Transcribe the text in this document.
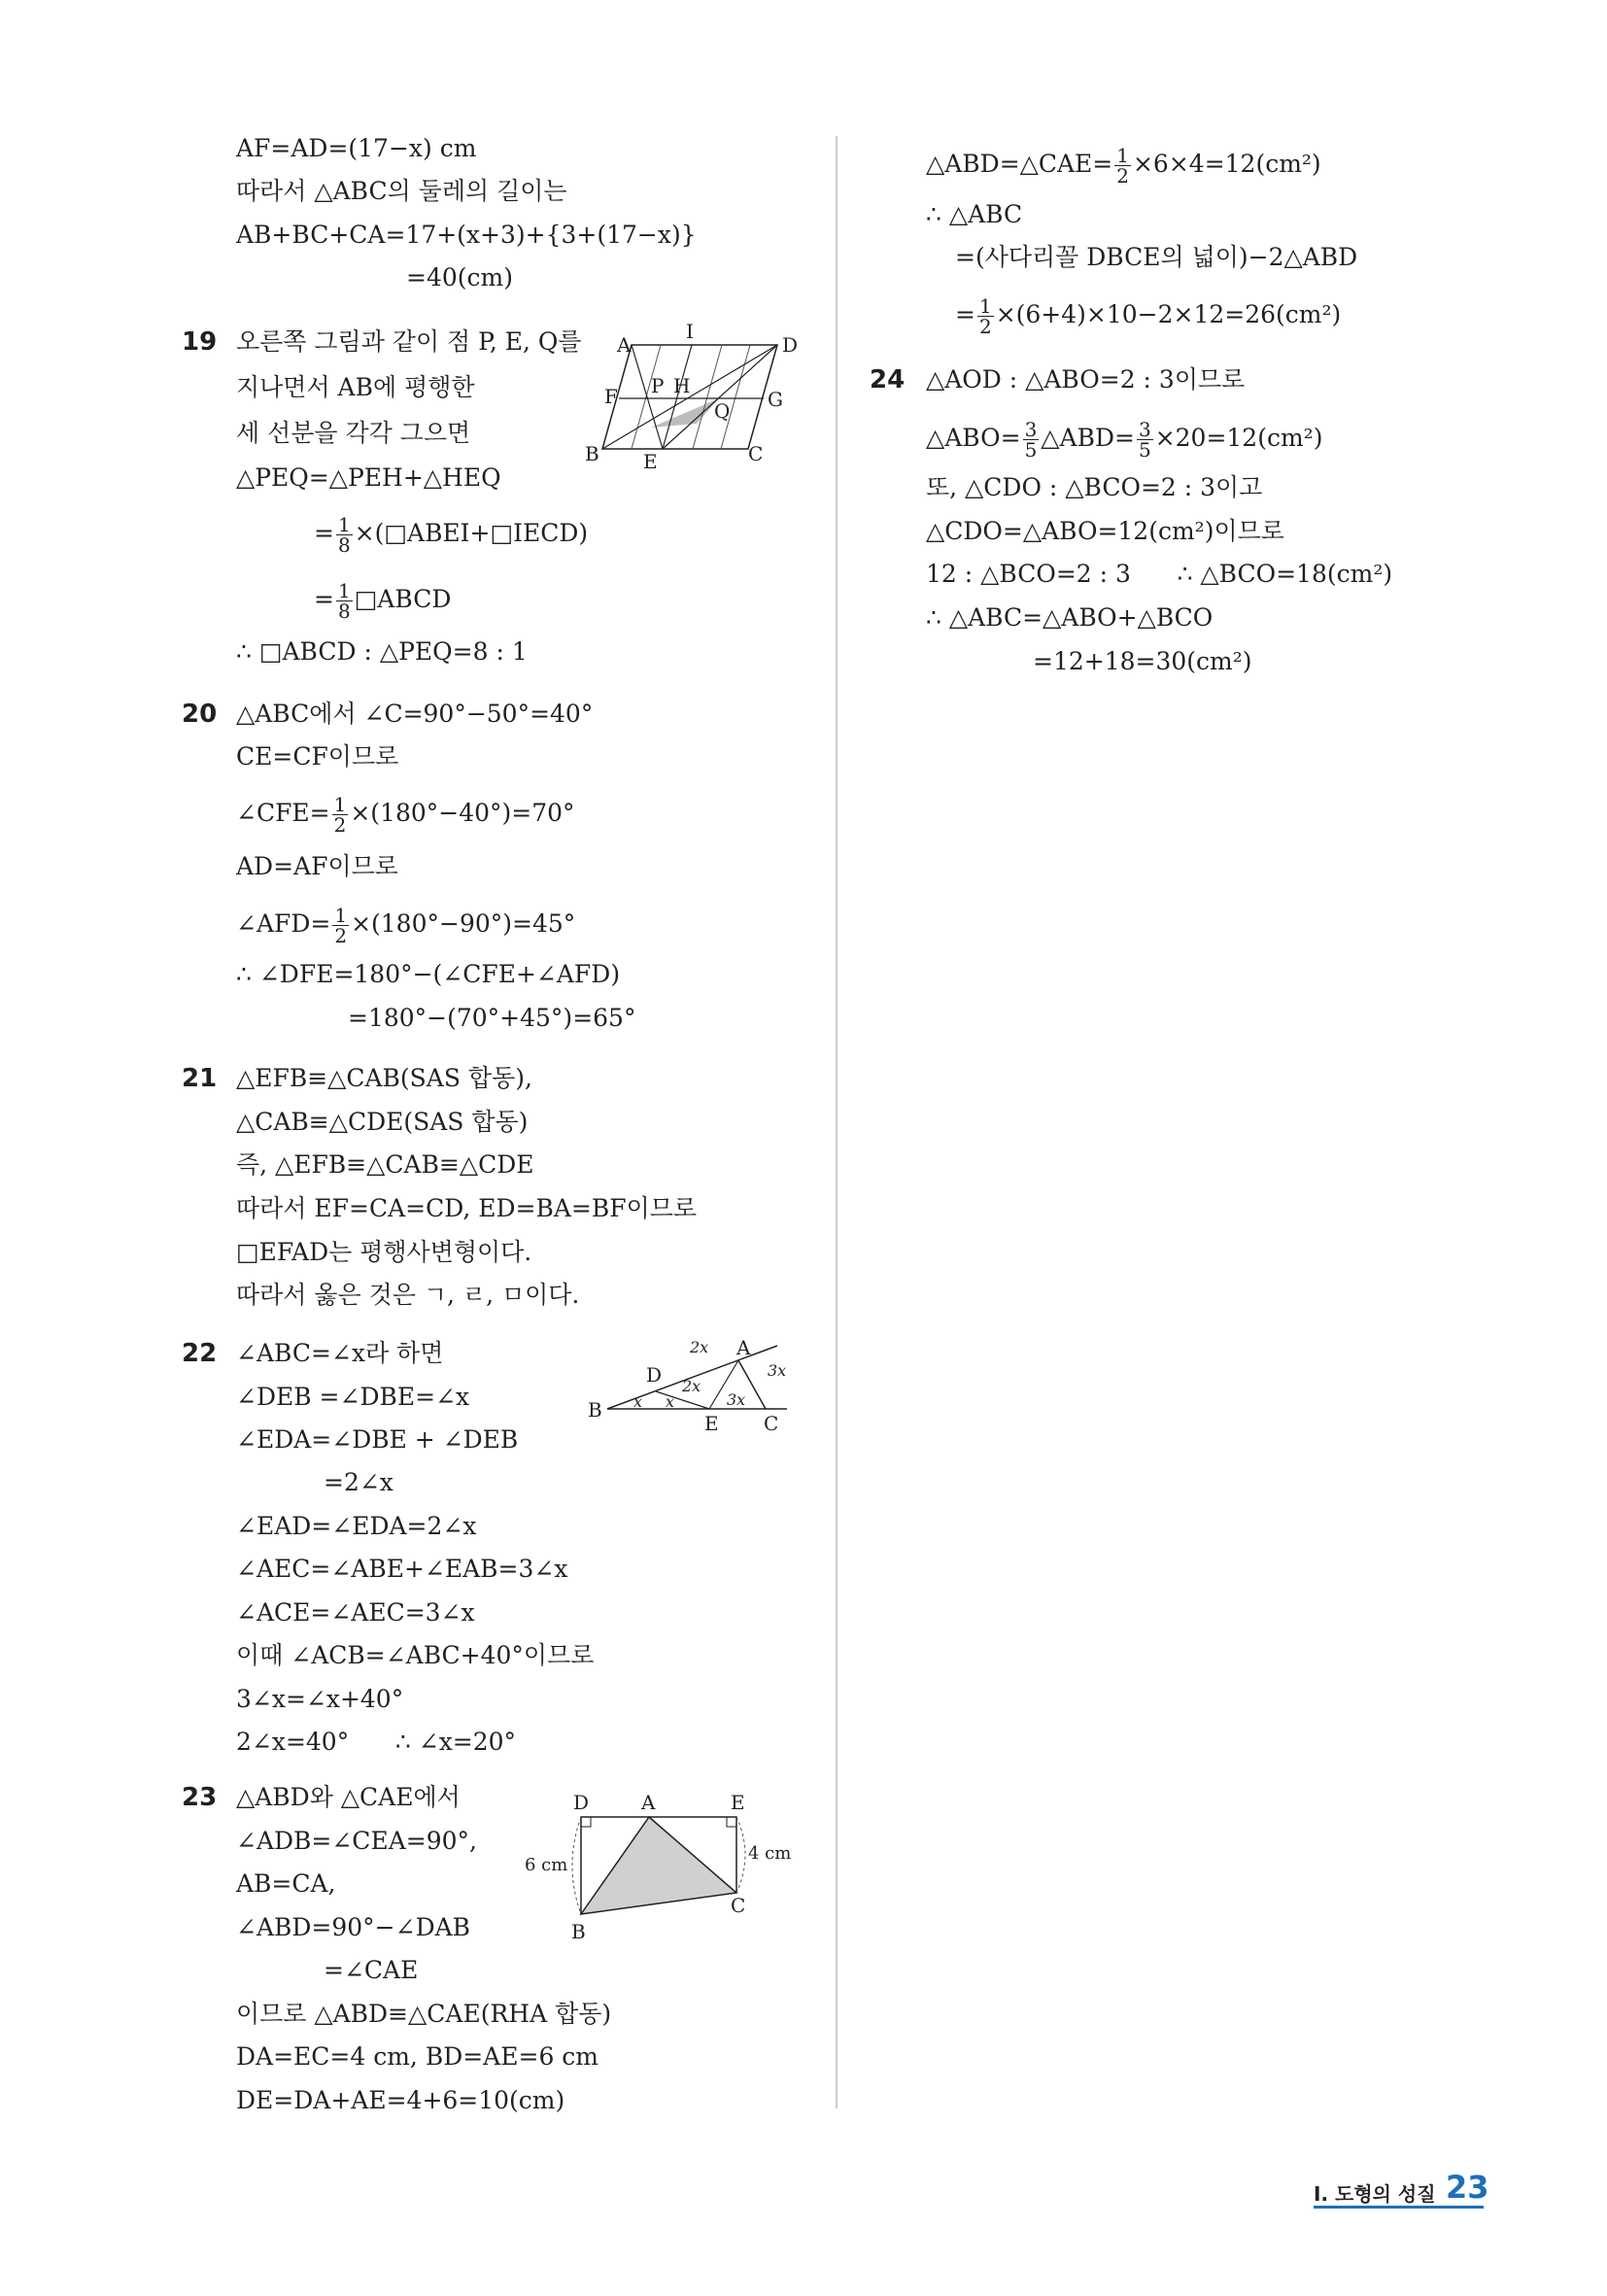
AF=AD=(17−x) cm
따라서 △ABC의 둘레의 길이는
AB+BC+CA=17+(x+3)+{3+(17−x)}
=40(cm)
19 오른쪽 그림과 같이 점 P, E, Q를
지나면서 AB에 평행한
세 선분을 각각 그으면
△PEQ=△PEH+△HEQ
= $\frac{1}{8}$ ×(□ABEI+□IECD)
= $\frac{1}{8}$ □ABCD
∴ □ABCD : △PEQ=8 : 1
A
I
D
F P H
G
Q
B E	C
20 △ABC에서 ∠C=90°−50°=40°
CE=CF이므로
∠CFE= $\frac{1}{2} \times(180^\circ-40^\circ)=70^\circ$
AD=AF이므로
∠AFD= $\frac{1}{2} \times(180^\circ-90^\circ)=45^\circ$
∴ ∠DFE=180°−(∠CFE+∠AFD)
=180°−(70°+45°)=65°
21 △EFB≡△CAB(SAS 합동),
△CAB≡△CDE(SAS 합동)
즉, △EFB≡△CAB≡△CDE
따라서 EF=CA=CD, ED=BA=BF이므로
□EFAD는 평행사변형이다.
따라서 옳은 것은 ㄱ, ㄹ, ㅁ이다.
22 ∠ABC=∠x라 하면
∠DEB =∠DBE=∠x
∠EDA=∠DBE + ∠DEB
=2∠x
∠EAD=∠EDA=2∠x
∠AEC=∠ABE+∠EAB=3∠x
∠ACE=∠AEC=3∠x
이때 ∠ACB=∠ABC+40°이므로
3∠x=∠x+40°
2∠x=40°      ∴ ∠x=20°
A
B
C
D
E
2x
3x
2x
3x
x x
23 △ABD와 △CAE에서
∠ADB=∠CEA=90°,
AB=CA,
∠ABD=90°−∠DAB
=∠CAE
이므로 △ABD≡△CAE(RHA 합동)
DA=EC=4 cm, BD=AE=6 cm
DE=DA+AE=4+6=10(cm)
D	A	E
B
C
6 cm
4 cm
△ABD=△CAE= $\frac{1}{2} \times 6\times 4=12(cm^2)$
∴ △ABC
=(사다리꼴 DBCE의 넓이)−2△ABD
= $\frac{1}{2} \times(6+4)\times 10-2\times 12=26(cm^2)$
24 △AOD : △ABO=2 : 3이므로
△ABO= $\frac{3}{5}$ △ABD= $\frac{3}{5} \times 20=12(cm^2)$
또, △CDO : △BCO=2 : 3이고
△CDO=△ABO=12(cm²)이므로
12 : △BCO=2 : 3      ∴ △BCO=18(cm²)
∴ △ABC=△ABO+△BCO
=12+18=30(cm²)
I. 도형의 성질 23
